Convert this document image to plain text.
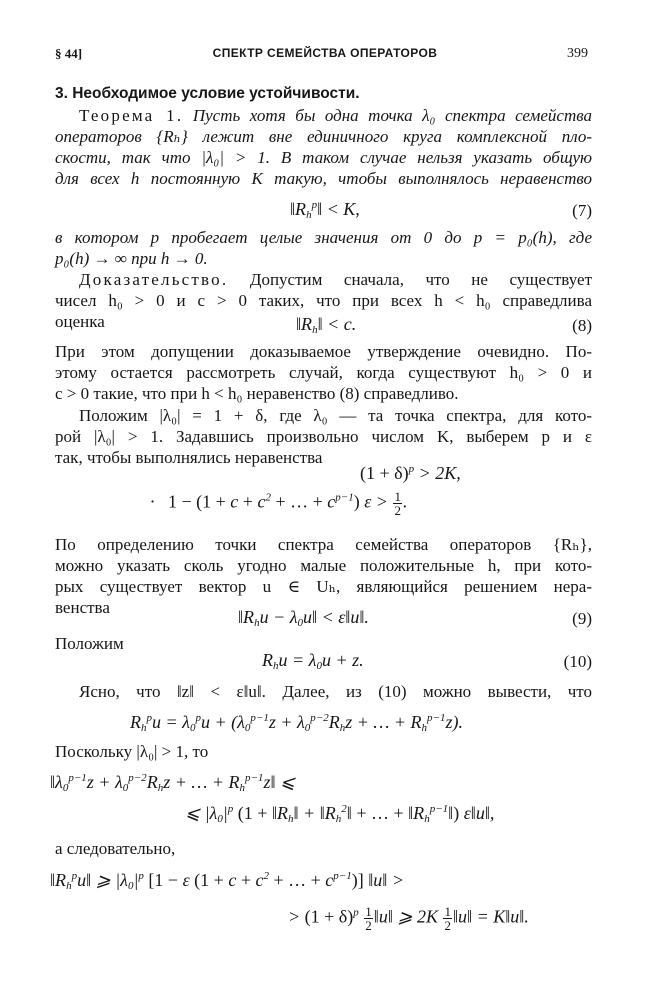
§ 44]	СПЕКТР СЕМЕЙСТВА ОПЕРАТОРОВ	399
3. Необходимое условие устойчивости.
Теорема 1. Пусть хотя бы одна точка λ₀ спектра семейства
операторов {Rₕ} лежит вне единичного круга комплексной пло-
скости, так что |λ₀| > 1. В таком случае нельзя указать общую
для всех h постоянную K такую, чтобы выполнялось неравенство
$‖R_h^p‖ < K$,	(7)
в котором p пробегает целые значения от 0 до p = p₀(h), где
p₀(h) → ∞ при h → 0.
Доказательство. Допустим сначала, что не существует
чисел h₀ > 0 и c > 0 таких, что при всех h < h₀ справедлива
оценка	$‖R_h‖ < c$.	(8)
При этом допущении доказываемое утверждение очевидно. По-
этому остается рассмотреть случай, когда существуют h₀ > 0 и
c > 0 такие, что при h < h₀ неравенство (8) справедливо.
Положим |λ₀| = 1 + δ, где λ₀ — та точка спектра, для кото-
рой |λ₀| > 1. Задавшись произвольно числом K, выберем p и ε
так, чтобы выполнялись неравенства
$(1 + \delta)^p > 2K$,
·   $1 - (1 + c + c^2$ + … + $c^{p-1}$) $\varepsilon > \frac{1}{2}$ .
По определению точки спектра семейства операторов {Rₕ},
можно указать сколь угодно малые положительные h, при кото-
рых существует вектор u ∈ Uₕ, являющийся решением нера-
венства	$‖R_hu$ − $\lambda_0u‖$ < ε‖u‖.	(9)
Положим
$R_hu = \lambda_0u + z$.	(10)
Ясно, что ‖z‖ < ε‖u‖. Далее, из (10) можно вывести, что
$R_h^pu = \lambda_0^pu + (\lambda_0^{p-1}z + \lambda_0^{p-2}R_hz$ + … + $R_h^{p-1}z$).
Поскольку |λ₀| > 1, то
$‖\lambda_0^{p-1}z + \lambda_0^{p-2}R_hz$ + … + $R_h^{p-1}z‖$ ⩽
⩽ $|\lambda_0|^p$ ($1 + ‖R_h‖$ + $‖R_h^2‖$ + … + $‖R_h^{p-1}‖$) ε‖u‖,
а следовательно,
$‖R_h^pu‖$ ⩾ $|\lambda_0|^p$ [1 − ε ($1 + c + c^2$ + … + $c^{p-1}$)] ‖u‖ >
> $(1 + \delta)^p \frac{1}{2}$ ‖u‖ ⩾ $2K \frac{1}{2}$ ‖u‖ = K‖u‖.
